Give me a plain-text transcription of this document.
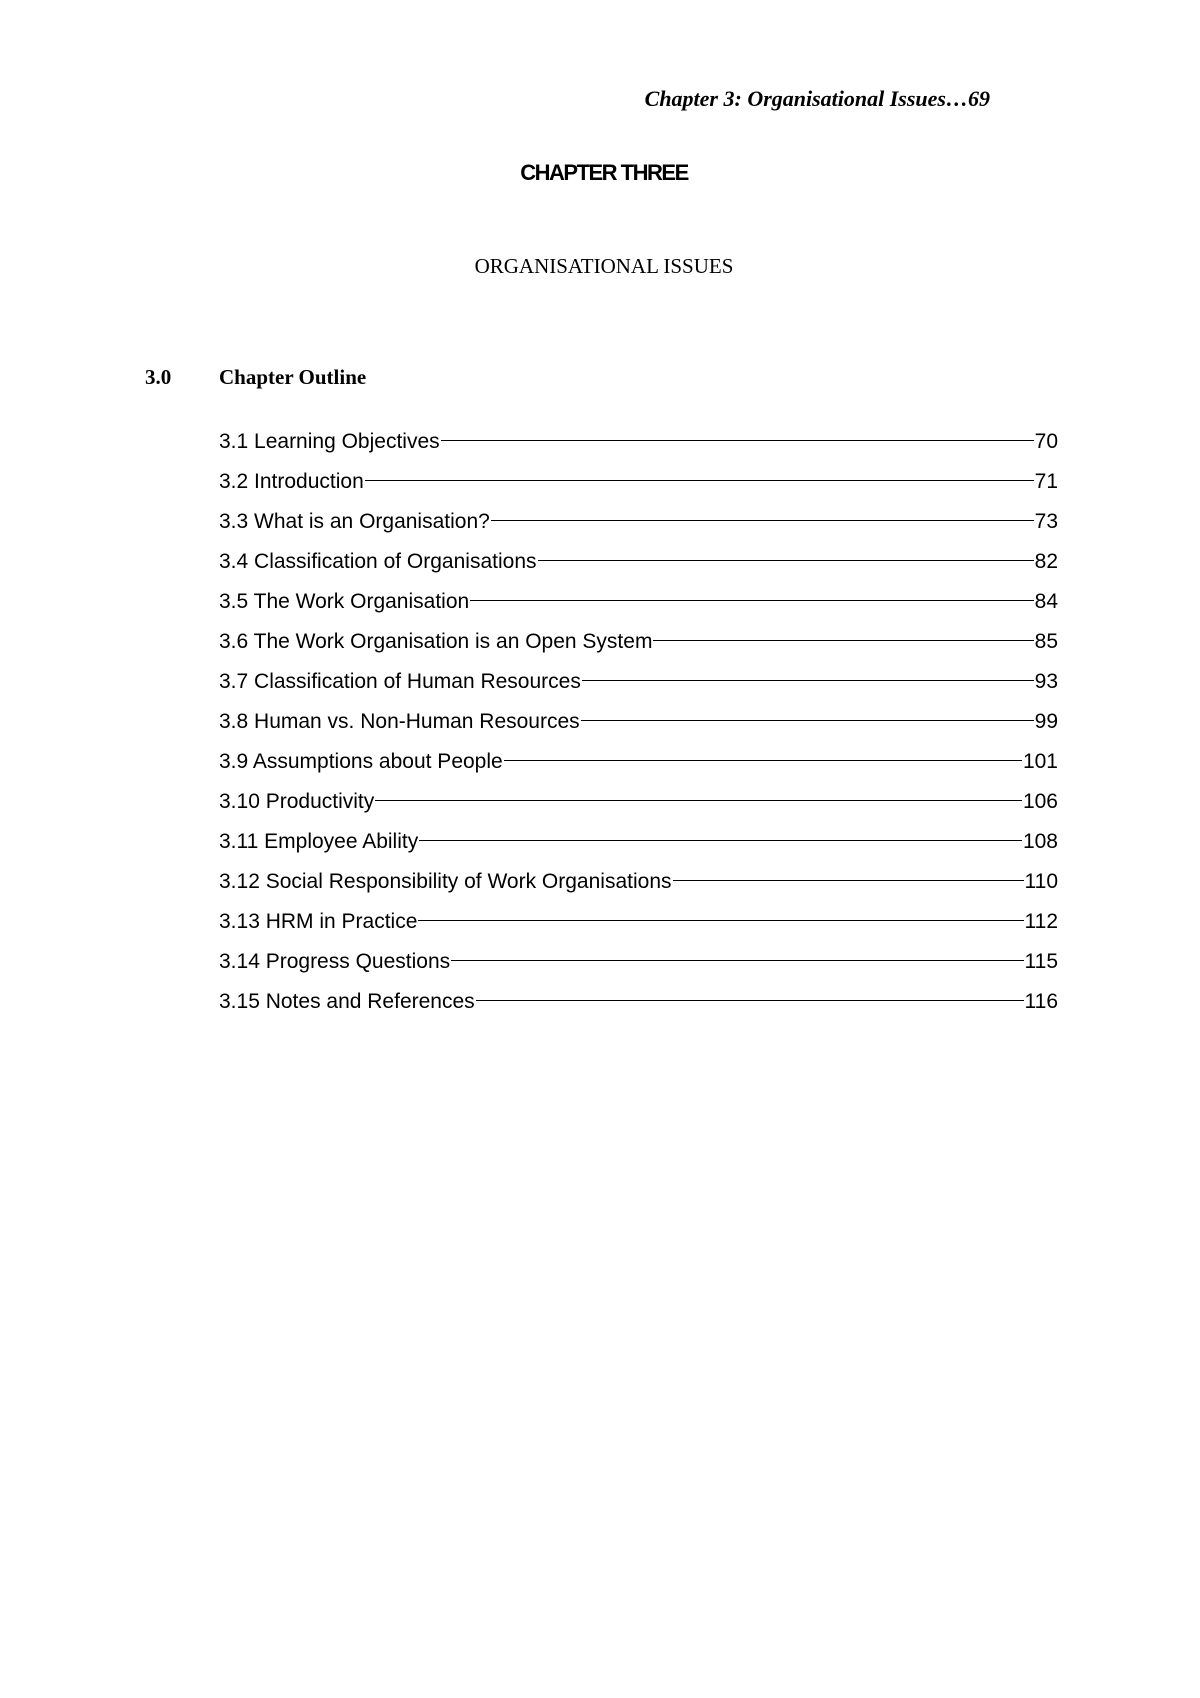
Chapter 3: Organisational Issues…69
CHAPTER THREE
ORGANISATIONAL ISSUES
3.0 Chapter Outline
3.1 Learning Objectives	70
3.2 Introduction	71
3.3 What is an Organisation?	73
3.4 Classification of Organisations	82
3.5 The Work Organisation	84
3.6 The Work Organisation is an Open System	85
3.7 Classification of Human Resources	93
3.8 Human vs. Non-Human Resources	99
3.9 Assumptions about People	101
3.10 Productivity	106
3.11 Employee Ability	108
3.12 Social Responsibility of Work Organisations	110
3.13 HRM in Practice	112
3.14 Progress Questions	115
3.15 Notes and References	116
